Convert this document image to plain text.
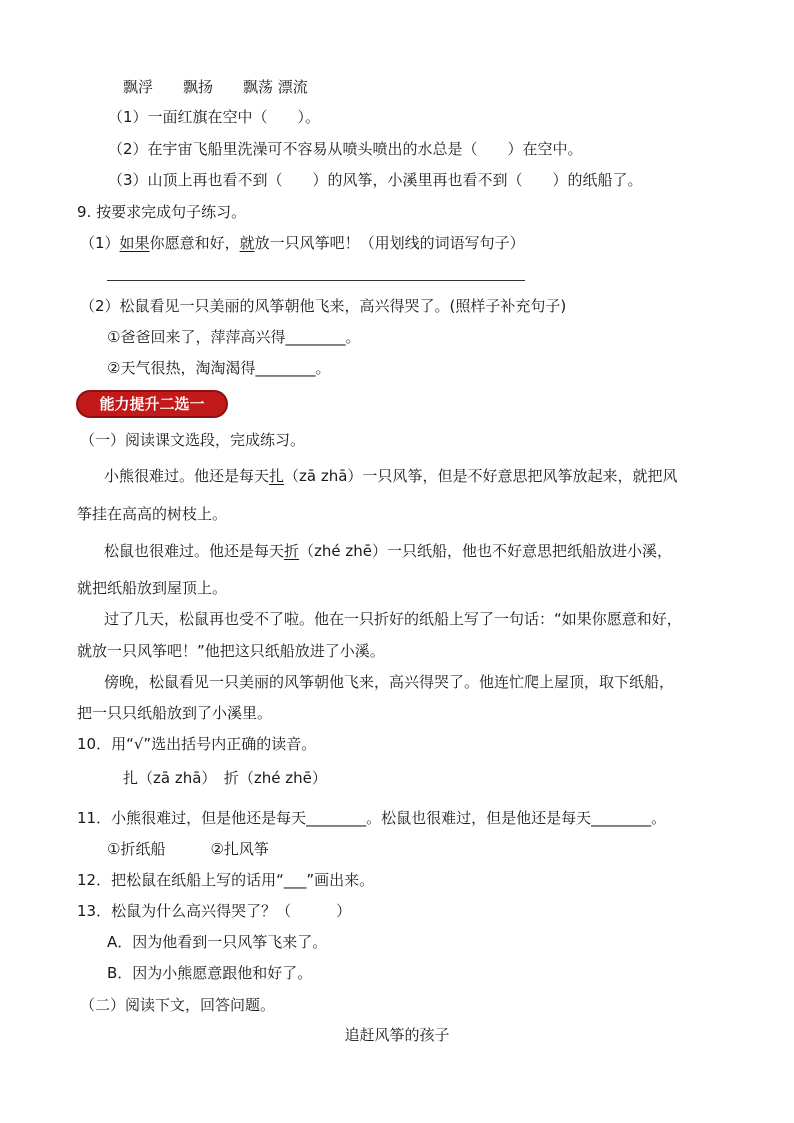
飘浮　　飘扬　　飘荡 漂流
（1）一面红旗在空中（　　）。
（2）在宇宙飞船里洗澡可不容易从喷头喷出的水总是（　　）在空中。
（3）山顶上再也看不到（　　）的风筝，小溪里再也看不到（　　）的纸船了。
9. 按要求完成句子练习。
（1）如果你愿意和好，就放一只风筝吧！（用划线的词语写句子）
（2）松鼠看见一只美丽的风筝朝他飞来，高兴得哭了。(照样子补充句子)
①爸爸回来了，萍萍高兴得________。
②天气很热，淘淘渴得________。
能力提升二选一
（一）阅读课文选段，完成练习。
小熊很难过。他还是每天扎（zā zhā）一只风筝，但是不好意思把风筝放起来，就把风
筝挂在高高的树枝上。
松鼠也很难过。他还是每天折（zhé zhē）一只纸船，他也不好意思把纸船放进小溪，
就把纸船放到屋顶上。
过了几天，松鼠再也受不了啦。他在一只折好的纸船上写了一句话：“如果你愿意和好，
就放一只风筝吧！”他把这只纸船放进了小溪。
傍晚，松鼠看见一只美丽的风筝朝他飞来，高兴得哭了。他连忙爬上屋顶，取下纸船，
把一只只纸船放到了小溪里。
10．用“√”选出括号内正确的读音。
扎（zā zhā）　折（zhé zhē）
11．小熊很难过，但是他还是每天________。松鼠也很难过，但是他还是每天________。
①折纸船　　　②扎风筝
12．把松鼠在纸船上写的话用“___”画出来。
13．松鼠为什么高兴得哭了？（　　　）
A．因为他看到一只风筝飞来了。
B．因为小熊愿意跟他和好了。
（二）阅读下文，回答问题。
追赶风筝的孩子
